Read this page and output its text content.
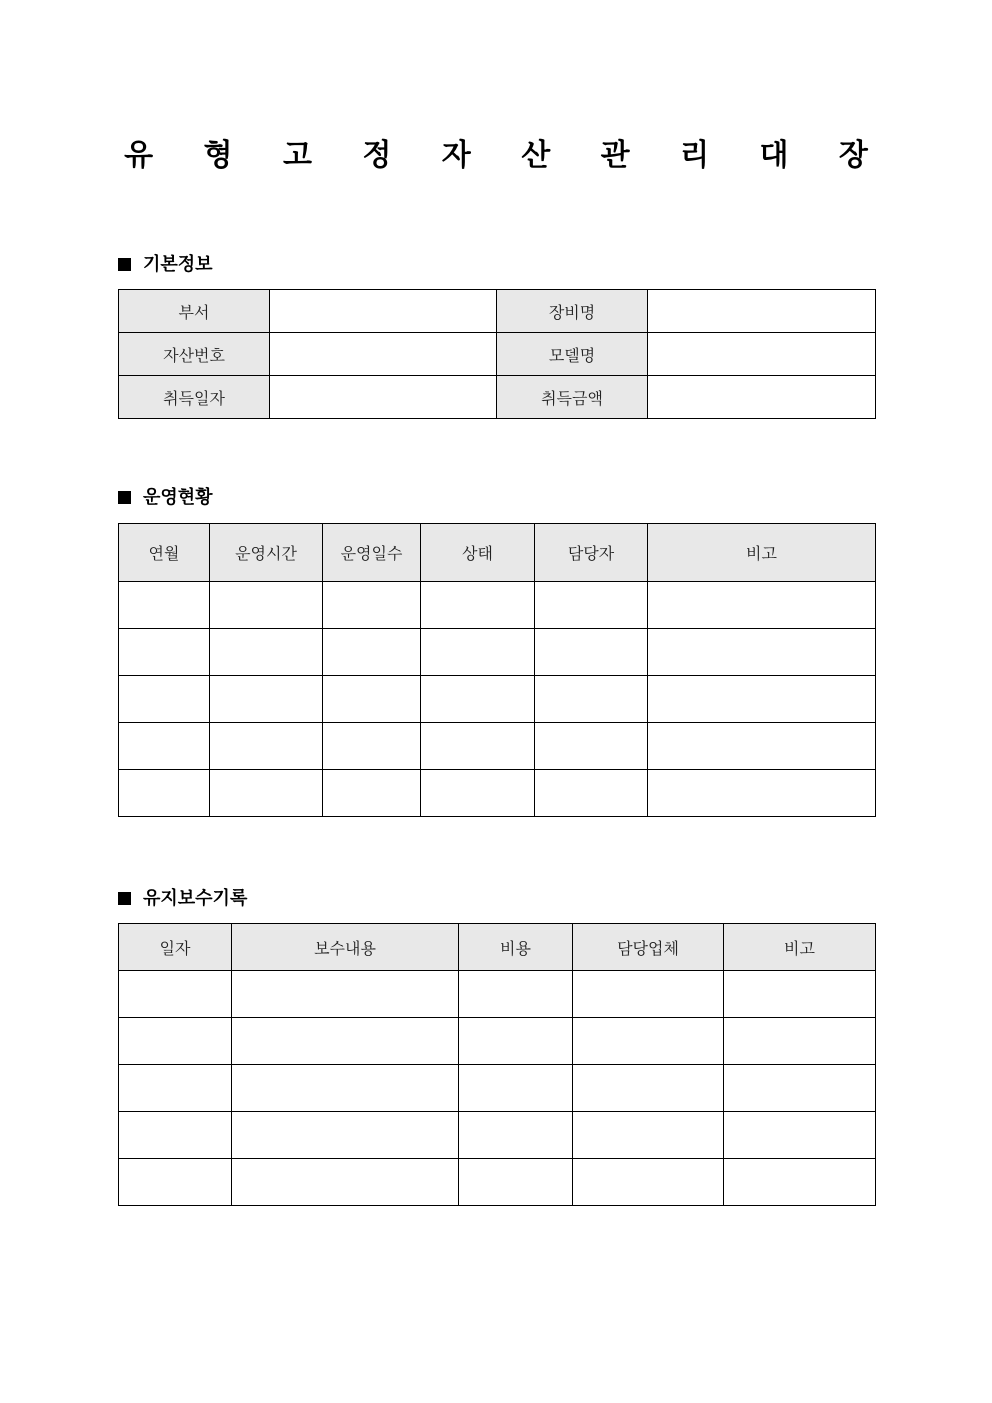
유 형 고 정 자 산 관 리 대 장
기본정보
부서		장비명	
자산번호		모델명	
취득일자		취득금액	
운영현황
연월	운영시간	운영일수	상태	담당자	비고

유지보수기록
일자	보수내용	비용	담당업체	비고
